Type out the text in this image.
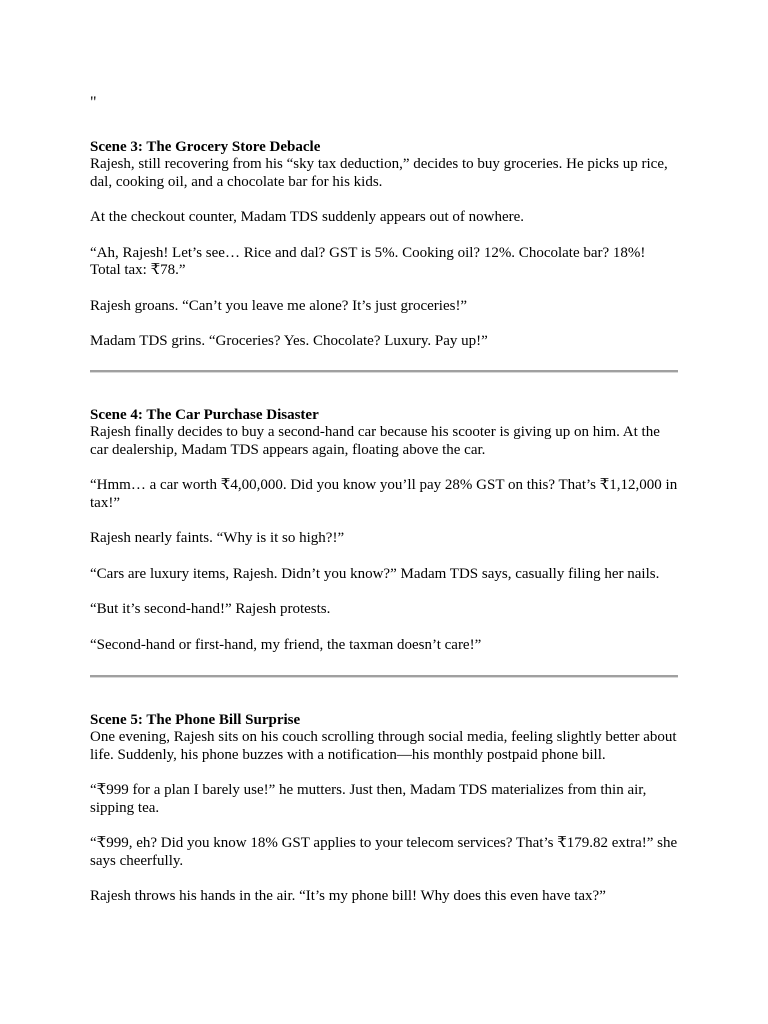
"

Scene 3: The Grocery Store Debacle

Rajesh, still recovering from his “sky tax deduction,” decides to buy groceries. He picks up rice, dal, cooking oil, and a chocolate bar for his kids.

At the checkout counter, Madam TDS suddenly appears out of nowhere.

“Ah, Rajesh! Let’s see… Rice and dal? GST is 5%. Cooking oil? 12%. Chocolate bar? 18%! Total tax: ₹78.”

Rajesh groans. “Can’t you leave me alone? It’s just groceries!”

Madam TDS grins. “Groceries? Yes. Chocolate? Luxury. Pay up!”

Scene 4: The Car Purchase Disaster

Rajesh finally decides to buy a second-hand car because his scooter is giving up on him. At the car dealership, Madam TDS appears again, floating above the car.

“Hmm… a car worth ₹4,00,000. Did you know you’ll pay 28% GST on this? That’s ₹1,12,000 in tax!”

Rajesh nearly faints. “Why is it so high?!”

“Cars are luxury items, Rajesh. Didn’t you know?” Madam TDS says, casually filing her nails.

“But it’s second-hand!” Rajesh protests.

“Second-hand or first-hand, my friend, the taxman doesn’t care!”

Scene 5: The Phone Bill Surprise

One evening, Rajesh sits on his couch scrolling through social media, feeling slightly better about life. Suddenly, his phone buzzes with a notification—his monthly postpaid phone bill.

“₹999 for a plan I barely use!” he mutters. Just then, Madam TDS materializes from thin air, sipping tea.

“₹999, eh? Did you know 18% GST applies to your telecom services? That’s ₹179.82 extra!” she says cheerfully.

Rajesh throws his hands in the air. “It’s my phone bill! Why does this even have tax?”
